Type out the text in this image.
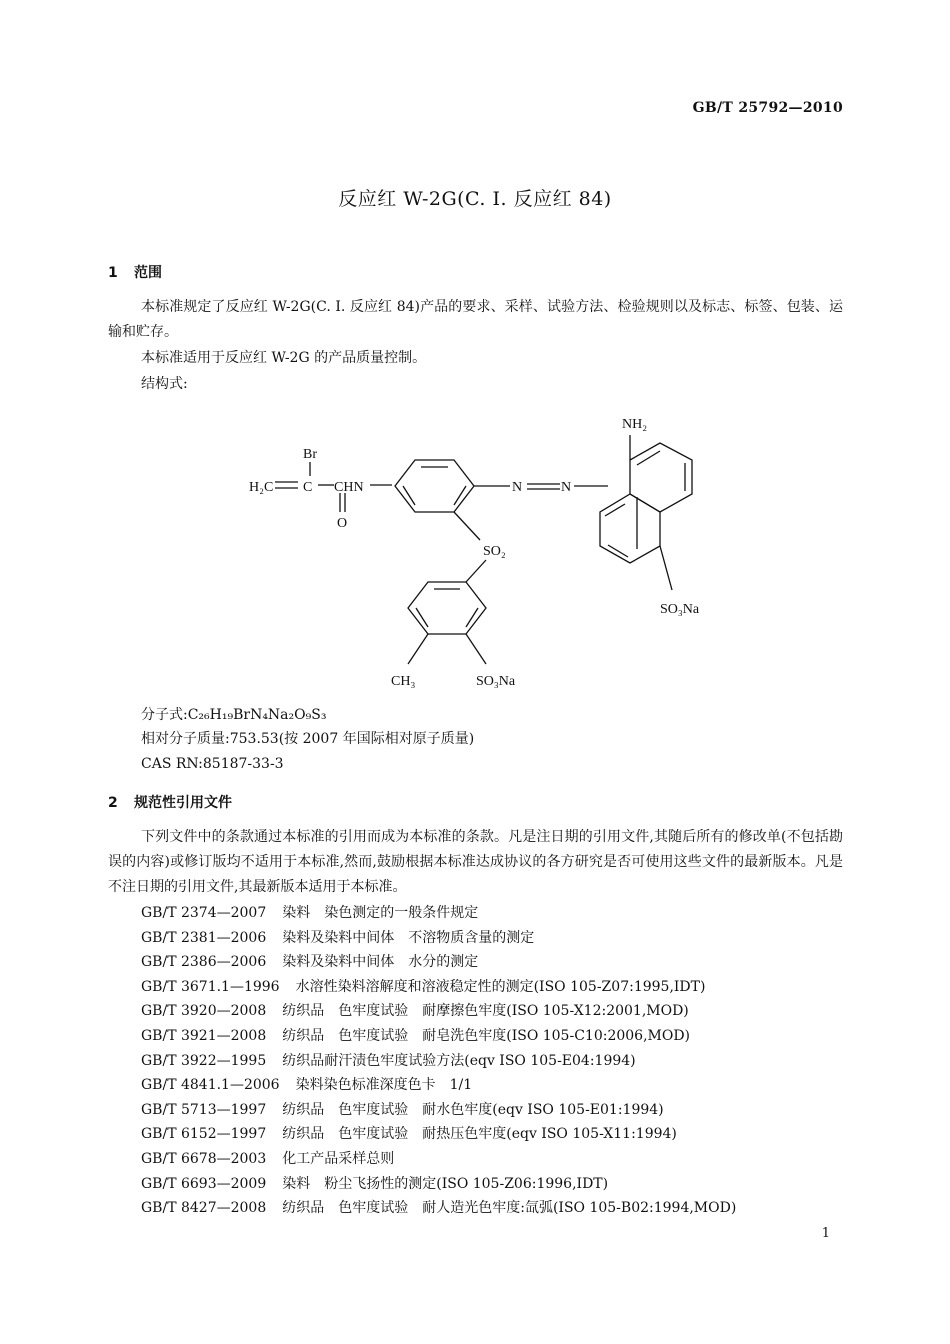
GB/T 25792—2010
反应红 W-2G(C. I. 反应红 84)
1 范围
本标准规定了反应红 W-2G(C. I. 反应红 84)产品的要求、采样、试验方法、检验规则以及标志、标签、包装、运输和贮存。
本标准适用于反应红 W-2G 的产品质量控制。
结构式:
Br
H₂C C CHN
O
N	N
NH₂
SO₂
SO₃Na
SO₃Na
CH₃
分子式:C₂₆H₁₉BrN₄Na₂O₉S₃
相对分子质量:753.53(按 2007 年国际相对原子质量)
CAS RN:85187-33-3
2 规范性引用文件
下列文件中的条款通过本标准的引用而成为本标准的条款。凡是注日期的引用文件,其随后所有的修改单(不包括勘误的内容)或修订版均不适用于本标准,然而,鼓励根据本标准达成协议的各方研究是否可使用这些文件的最新版本。凡是不注日期的引用文件,其最新版本适用于本标准。
GB/T 2374—2007 染料　染色测定的一般条件规定
GB/T 2381—2006 染料及染料中间体　不溶物质含量的测定
GB/T 2386—2006 染料及染料中间体　水分的测定
GB/T 3671.1—1996 水溶性染料溶解度和溶液稳定性的测定(ISO 105-Z07:1995,IDT)
GB/T 3920—2008 纺织品　色牢度试验　耐摩擦色牢度(ISO 105-X12:2001,MOD)
GB/T 3921—2008 纺织品　色牢度试验　耐皂洗色牢度(ISO 105-C10:2006,MOD)
GB/T 3922—1995 纺织品耐汗渍色牢度试验方法(eqv ISO 105-E04:1994)
GB/T 4841.1—2006 染料染色标准深度色卡　1/1
GB/T 5713—1997 纺织品　色牢度试验　耐水色牢度(eqv ISO 105-E01:1994)
GB/T 6152—1997 纺织品　色牢度试验　耐热压色牢度(eqv ISO 105-X11:1994)
GB/T 6678—2003 化工产品采样总则
GB/T 6693—2009 染料　粉尘飞扬性的测定(ISO 105-Z06:1996,IDT)
GB/T 8427—2008 纺织品　色牢度试验　耐人造光色牢度:氙弧(ISO 105-B02:1994,MOD)
1
